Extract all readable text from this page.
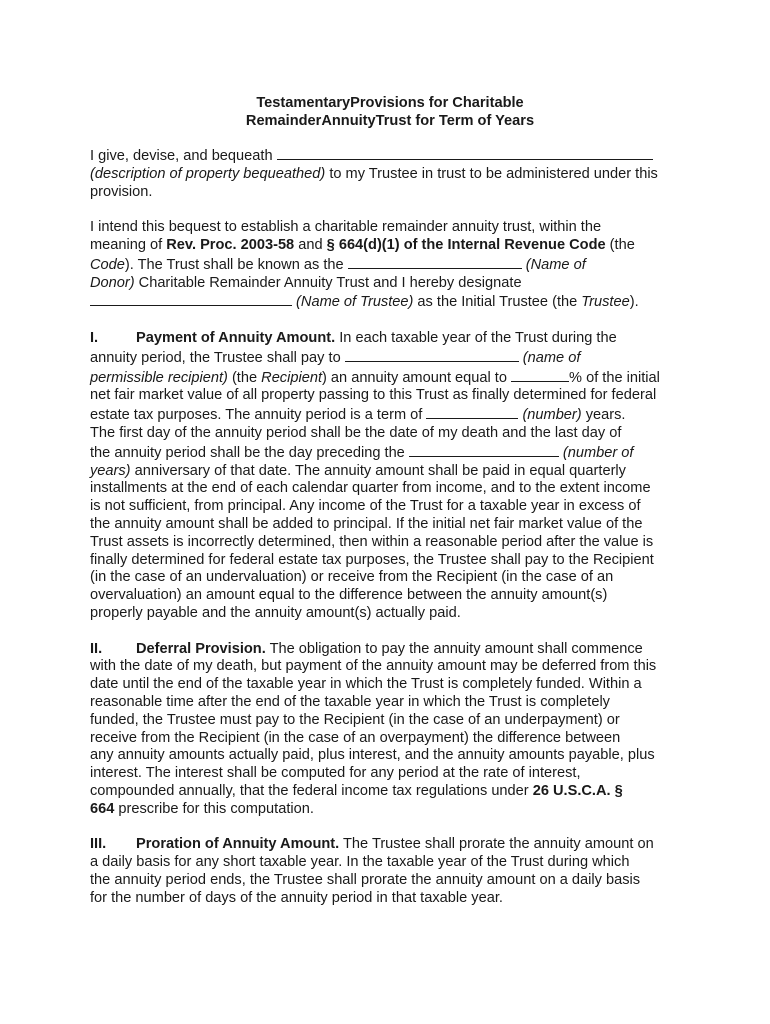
TestamentaryProvisions for Charitable
RemainderAnnuityTrust for Term of Years

I give, devise, and bequeath
(description of property bequeathed) to my Trustee in trust to be administered under this
provision.

I intend this bequest to establish a charitable remainder annuity trust, within the
meaning of Rev. Proc. 2003-58 and § 664(d)(1) of the Internal Revenue Code (the
Code). The Trust shall be known as the	(Name of
Donor) Charitable Remainder Annuity Trust and I hereby designate
(Name of Trustee) as the Initial Trustee (the Trustee).

I.	Payment of Annuity Amount. In each taxable year of the Trust during the
annuity period, the Trustee shall pay to	(name of
permissible recipient) (the Recipient) an annuity amount equal to	% of the initial
net fair market value of all property passing to this Trust as finally determined for federal
estate tax purposes. The annuity period is a term of	(number) years.
The first day of the annuity period shall be the date of my death and the last day of
the annuity period shall be the day preceding the	(number of
years) anniversary of that date. The annuity amount shall be paid in equal quarterly
installments at the end of each calendar quarter from income, and to the extent income
is not sufficient, from principal. Any income of the Trust for a taxable year in excess of
the annuity amount shall be added to principal. If the initial net fair market value of the
Trust assets is incorrectly determined, then within a reasonable period after the value is
finally determined for federal estate tax purposes, the Trustee shall pay to the Recipient
(in the case of an undervaluation) or receive from the Recipient (in the case of an
overvaluation) an amount equal to the difference between the annuity amount(s)
properly payable and the annuity amount(s) actually paid.

II. Deferral Provision. The obligation to pay the annuity amount shall commence
with the date of my death, but payment of the annuity amount may be deferred from this
date until the end of the taxable year in which the Trust is completely funded. Within a
reasonable time after the end of the taxable year in which the Trust is completely
funded, the Trustee must pay to the Recipient (in the case of an underpayment) or
receive from the Recipient (in the case of an overpayment) the difference between
any annuity amounts actually paid, plus interest, and the annuity amounts payable, plus
interest. The interest shall be computed for any period at the rate of interest,
compounded annually, that the federal income tax regulations under 26 U.S.C.A. §
664 prescribe for this computation.

III. Proration of Annuity Amount. The Trustee shall prorate the annuity amount on
a daily basis for any short taxable year. In the taxable year of the Trust during which
the annuity period ends, the Trustee shall prorate the annuity amount on a daily basis
for the number of days of the annuity period in that taxable year.
